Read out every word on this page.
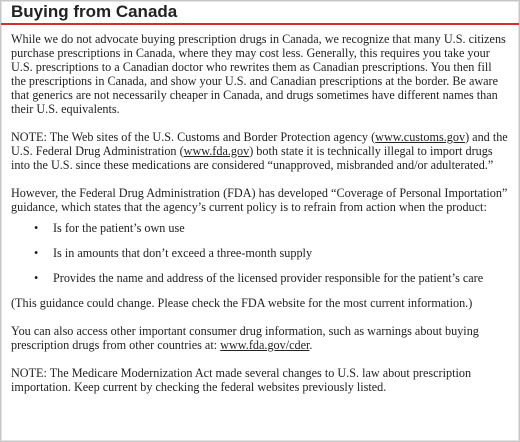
Buying from Canada

While we do not advocate buying prescription drugs in Canada, we recognize that many U.S. citizens purchase prescriptions in Canada, where they may cost less. Generally, this requires you take your U.S. prescriptions to a Canadian doctor who rewrites them as Canadian prescriptions. You then fill the prescriptions in Canada, and show your U.S. and Canadian prescriptions at the border. Be aware that generics are not necessarily cheaper in Canada, and drugs sometimes have different names than their U.S. equivalents.

NOTE: The Web sites of the U.S. Customs and Border Protection agency (www.customs.gov) and the U.S. Federal Drug Administration (www.fda.gov) both state it is technically illegal to import drugs into the U.S. since these medications are considered “unapproved, misbranded and/or adulterated.”

However, the Federal Drug Administration (FDA) has developed “Coverage of Personal Importation” guidance, which states that the agency’s current policy is to refrain from action when the product:

• Is for the patient’s own use
• Is in amounts that don’t exceed a three-month supply
• Provides the name and address of the licensed provider responsible for the patient’s care

(This guidance could change. Please check the FDA website for the most current information.)

You can also access other important consumer drug information, such as warnings about buying prescription drugs from other countries at: www.fda.gov/cder.

NOTE: The Medicare Modernization Act made several changes to U.S. law about prescription importation. Keep current by checking the federal websites previously listed.
